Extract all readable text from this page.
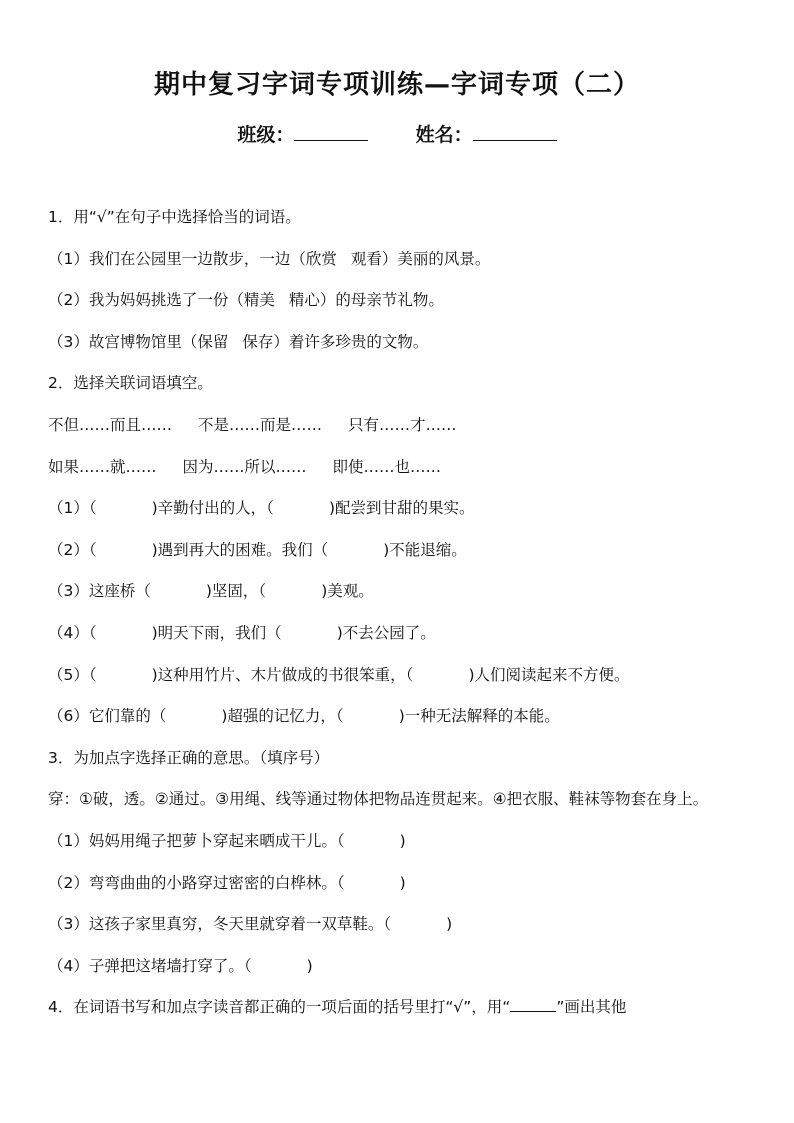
期中复习字词专项训练—字词专项（二）
班级：	姓名：
1．用“√”在句子中选择恰当的词语。
（1）我们在公园里一边散步，一边（欣赏 观看）美丽的风景。
（2）我为妈妈挑选了一份（精美 精心）的母亲节礼物。
（3）故宫博物馆里（保留 保存）着许多珍贵的文物。
2．选择关联词语填空。
不但……而且…… 不是……而是…… 只有……才……
如果……就…… 因为……所以…… 即使……也……
（1）（	)辛勤付出的人，（	)配尝到甘甜的果实。
（2）（	)遇到再大的困难。我们（	)不能退缩。
（3）这座桥（	)坚固，（	)美观。
（4）（	)明天下雨，我们（	)不去公园了。
（5）（	)这种用竹片、木片做成的书很笨重，（	)人们阅读起来不方便。
（6）它们靠的（	)超强的记忆力，（	)一种无法解释的本能。
3．为加点字选择正确的意思。（填序号）
穿：①破，透。②通过。③用绳、线等通过物体把物品连贯起来。④把衣服、鞋袜等物套在身上。
（1）妈妈用绳子把萝卜穿起来晒成干儿。（	)
（2）弯弯曲曲的小路穿过密密的白桦林。（	)
（3）这孩子家里真穷，冬天里就穿着一双草鞋。（	)
（4）子弹把这堵墙打穿了。（	)
4．在词语书写和加点字读音都正确的一项后面的括号里打“√”，用“	”画出其他
